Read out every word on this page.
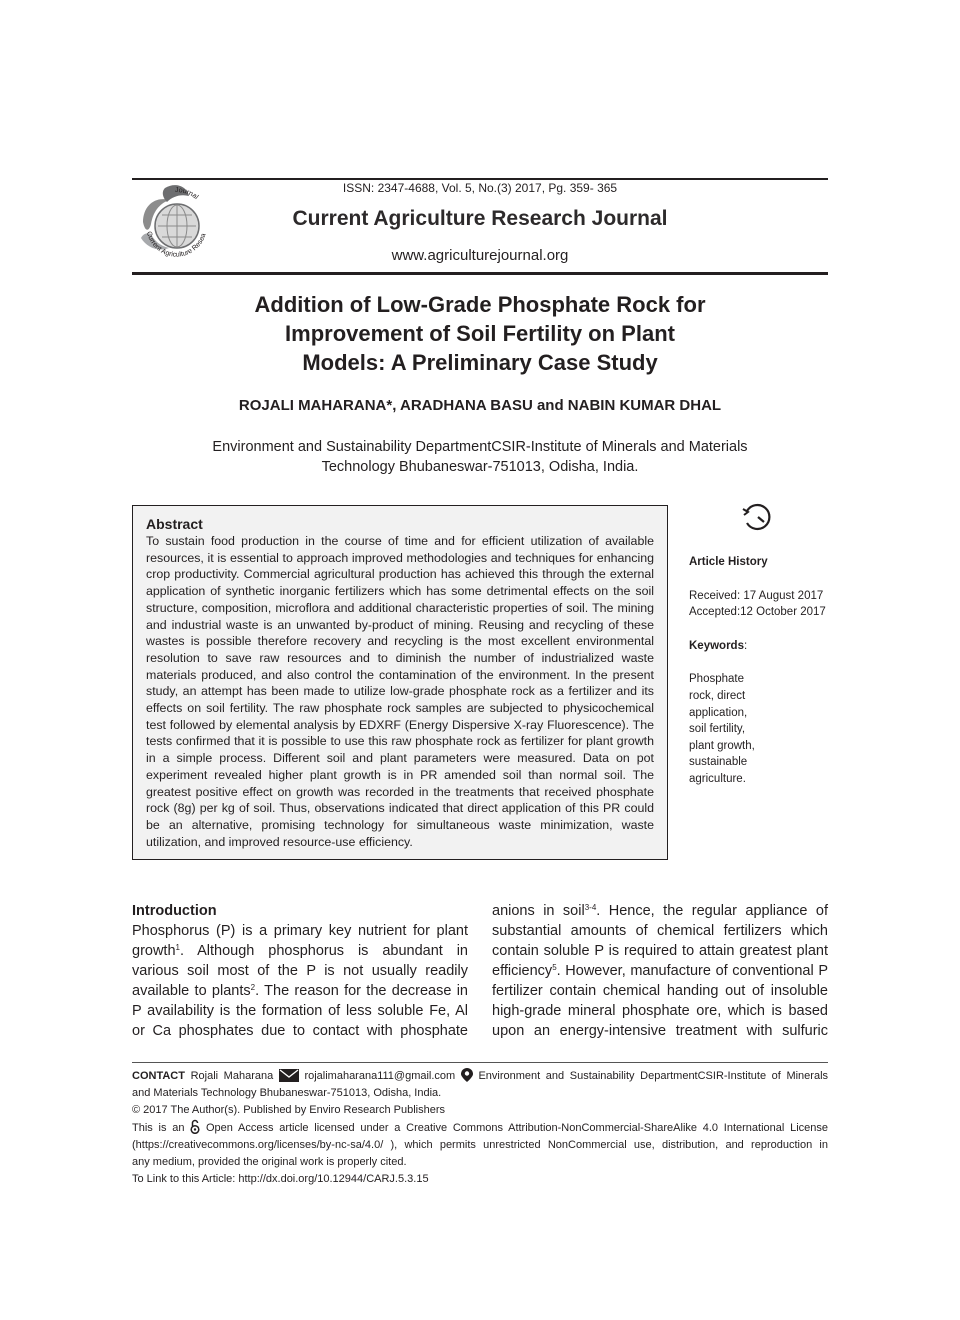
Current Agriculture Resea
Journal
ISSN: 2347-4688, Vol. 5, No.(3) 2017, Pg. 359- 365
Current Agriculture Research Journal
www.agriculturejournal.org
Addition of Low-Grade Phosphate Rock for
Improvement of Soil Fertility on Plant
Models: A Preliminary Case Study
ROJALI MAHARANA*, ARADHANA BASU and NABIN KUMAR DHAL
Environment and Sustainability DepartmentCSIR-Institute of Minerals and Materials
Technology Bhubaneswar-751013, Odisha, India.
Abstract
To sustain food production in the course of time and for efficient utilization of available resources, it is essential to approach improved methodologies and techniques for enhancing crop productivity. Commercial agricultural production has achieved this through the external application of synthetic inorganic fertilizers which has some detrimental effects on the soil structure, composition, microflora and additional characteristic properties of soil. The mining and industrial waste is an unwanted by-product of mining. Reusing and recycling of these wastes is possible therefore recovery and recycling is the most excellent environmental resolution to save raw resources and to diminish the number of industrialized waste materials produced, and also control the contamination of the environment. In the present study, an attempt has been made to utilize low-grade phosphate rock as a fertilizer and its effects on soil fertility. The raw phosphate rock samples are subjected to physicochemical test followed by elemental analysis by EDXRF (Energy Dispersive X-ray Fluorescence). The tests confirmed that it is possible to use this raw phosphate rock as fertilizer for plant growth in a simple process. Different soil and plant parameters were measured. Data on pot experiment revealed higher plant growth is in PR amended soil than normal soil. The greatest positive effect on growth was recorded in the treatments that received phosphate rock (8g) per kg of soil. Thus, observations indicated that direct application of this PR could be an alternative, promising technology for simultaneous waste minimization, waste utilization, and improved resource-use efficiency.
Article History
Received: 17 August 2017
Accepted:12 October 2017
Keywords:
Phosphate
rock, direct
application,
soil fertility,
plant growth,
sustainable
agriculture.
Introduction
Phosphorus (P) is a primary key nutrient for plant
growth$^1$. Although phosphorus is abundant in
various soil most of the P is not usually readily
available to plants$^2$. The reason for the decrease in
P availability is the formation of less soluble Fe, Al
or Ca phosphates due to contact with phosphate
anions in soil$^{3-4}$. Hence, the regular appliance of
substantial amounts of chemical fertilizers which
contain soluble P is required to attain greatest plant
efficiency$^5$. However, manufacture of conventional P
fertilizer contain chemical handing out of insoluble
high-grade mineral phosphate ore, which is based
upon an energy-intensive treatment with sulfuric
CONTACT Rojali Maharana	rojalimaharana111@gmail.com Environment and Sustainability DepartmentCSIR-Institute of Minerals
and Materials Technology Bhubaneswar-751013, Odisha, India.
© 2017 The Author(s). Published by Enviro Research Publishers
This is an Open Access article licensed under a Creative Commons Attribution-NonCommercial-ShareAlike 4.0 International License
(https://creativecommons.org/licenses/by-nc-sa/4.0/ ), which permits unrestricted NonCommercial use, distribution, and reproduction in
any medium, provided the original work is properly cited.
To Link to this Article: http://dx.doi.org/10.12944/CARJ.5.3.15
